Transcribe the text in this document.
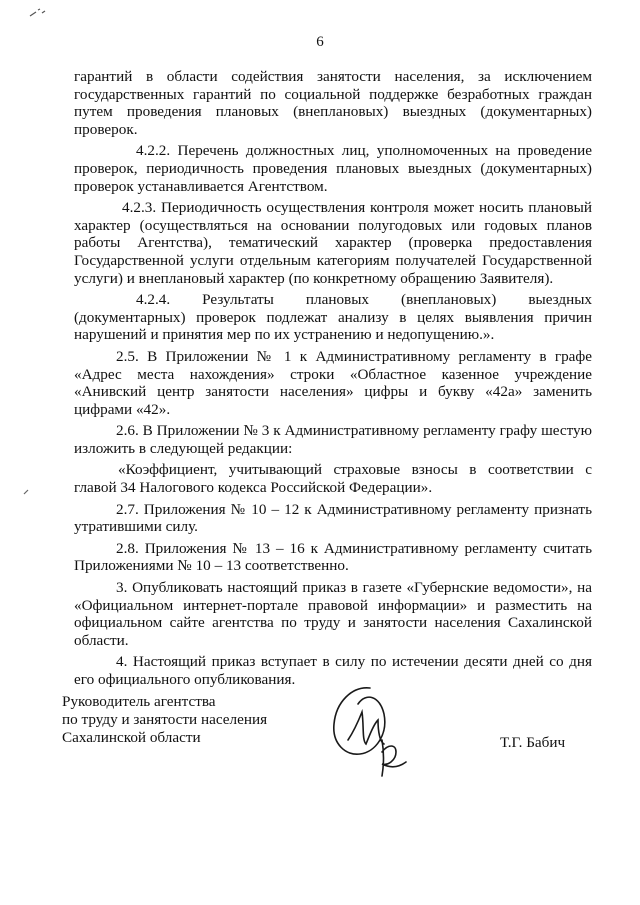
6

гарантий в области содействия занятости населения, за исключением государственных гарантий по социальной поддержке безработных граждан путем проведения плановых (внеплановых) выездных (документарных) проверок.

4.2.2. Перечень должностных лиц, уполномоченных на проведение проверок, периодичность проведения плановых выездных (документарных) проверок устанавливается Агентством.

4.2.3. Периодичность осуществления контроля может носить плановый характер (осуществляться на основании полугодовых или годовых планов работы Агентства), тематический характер (проверка предоставления Государственной услуги отдельным категориям получателей Государственной услуги) и внеплановый характер (по конкретному обращению Заявителя).

4.2.4. Результаты плановых (внеплановых) выездных (документарных) проверок подлежат анализу в целях выявления причин нарушений и принятия мер по их устранению и недопущению.».

2.5. В Приложении № 1 к Административному регламенту в графе «Адрес места нахождения» строки «Областное казенное учреждение «Анивский центр занятости населения» цифры и букву «42а» заменить цифрами «42».

2.6. В Приложении № 3 к Административному регламенту графу шестую изложить в следующей редакции:

«Коэффициент, учитывающий страховые взносы в соответствии с главой 34 Налогового кодекса Российской Федерации».

2.7. Приложения № 10 – 12 к Административному регламенту признать утратившими силу.

2.8. Приложения № 13 – 16 к Административному регламенту считать Приложениями № 10 – 13 соответственно.

3. Опубликовать настоящий приказ в газете «Губернские ведомости», на «Официальном интернет-портале правовой информации» и разместить на официальном сайте агентства по труду и занятости населения Сахалинской области.

4. Настоящий приказ вступает в силу по истечении десяти дней со дня его официального опубликования.

Руководитель агентства
по труду и занятости населения
Сахалинской области	Т.Г. Бабич
